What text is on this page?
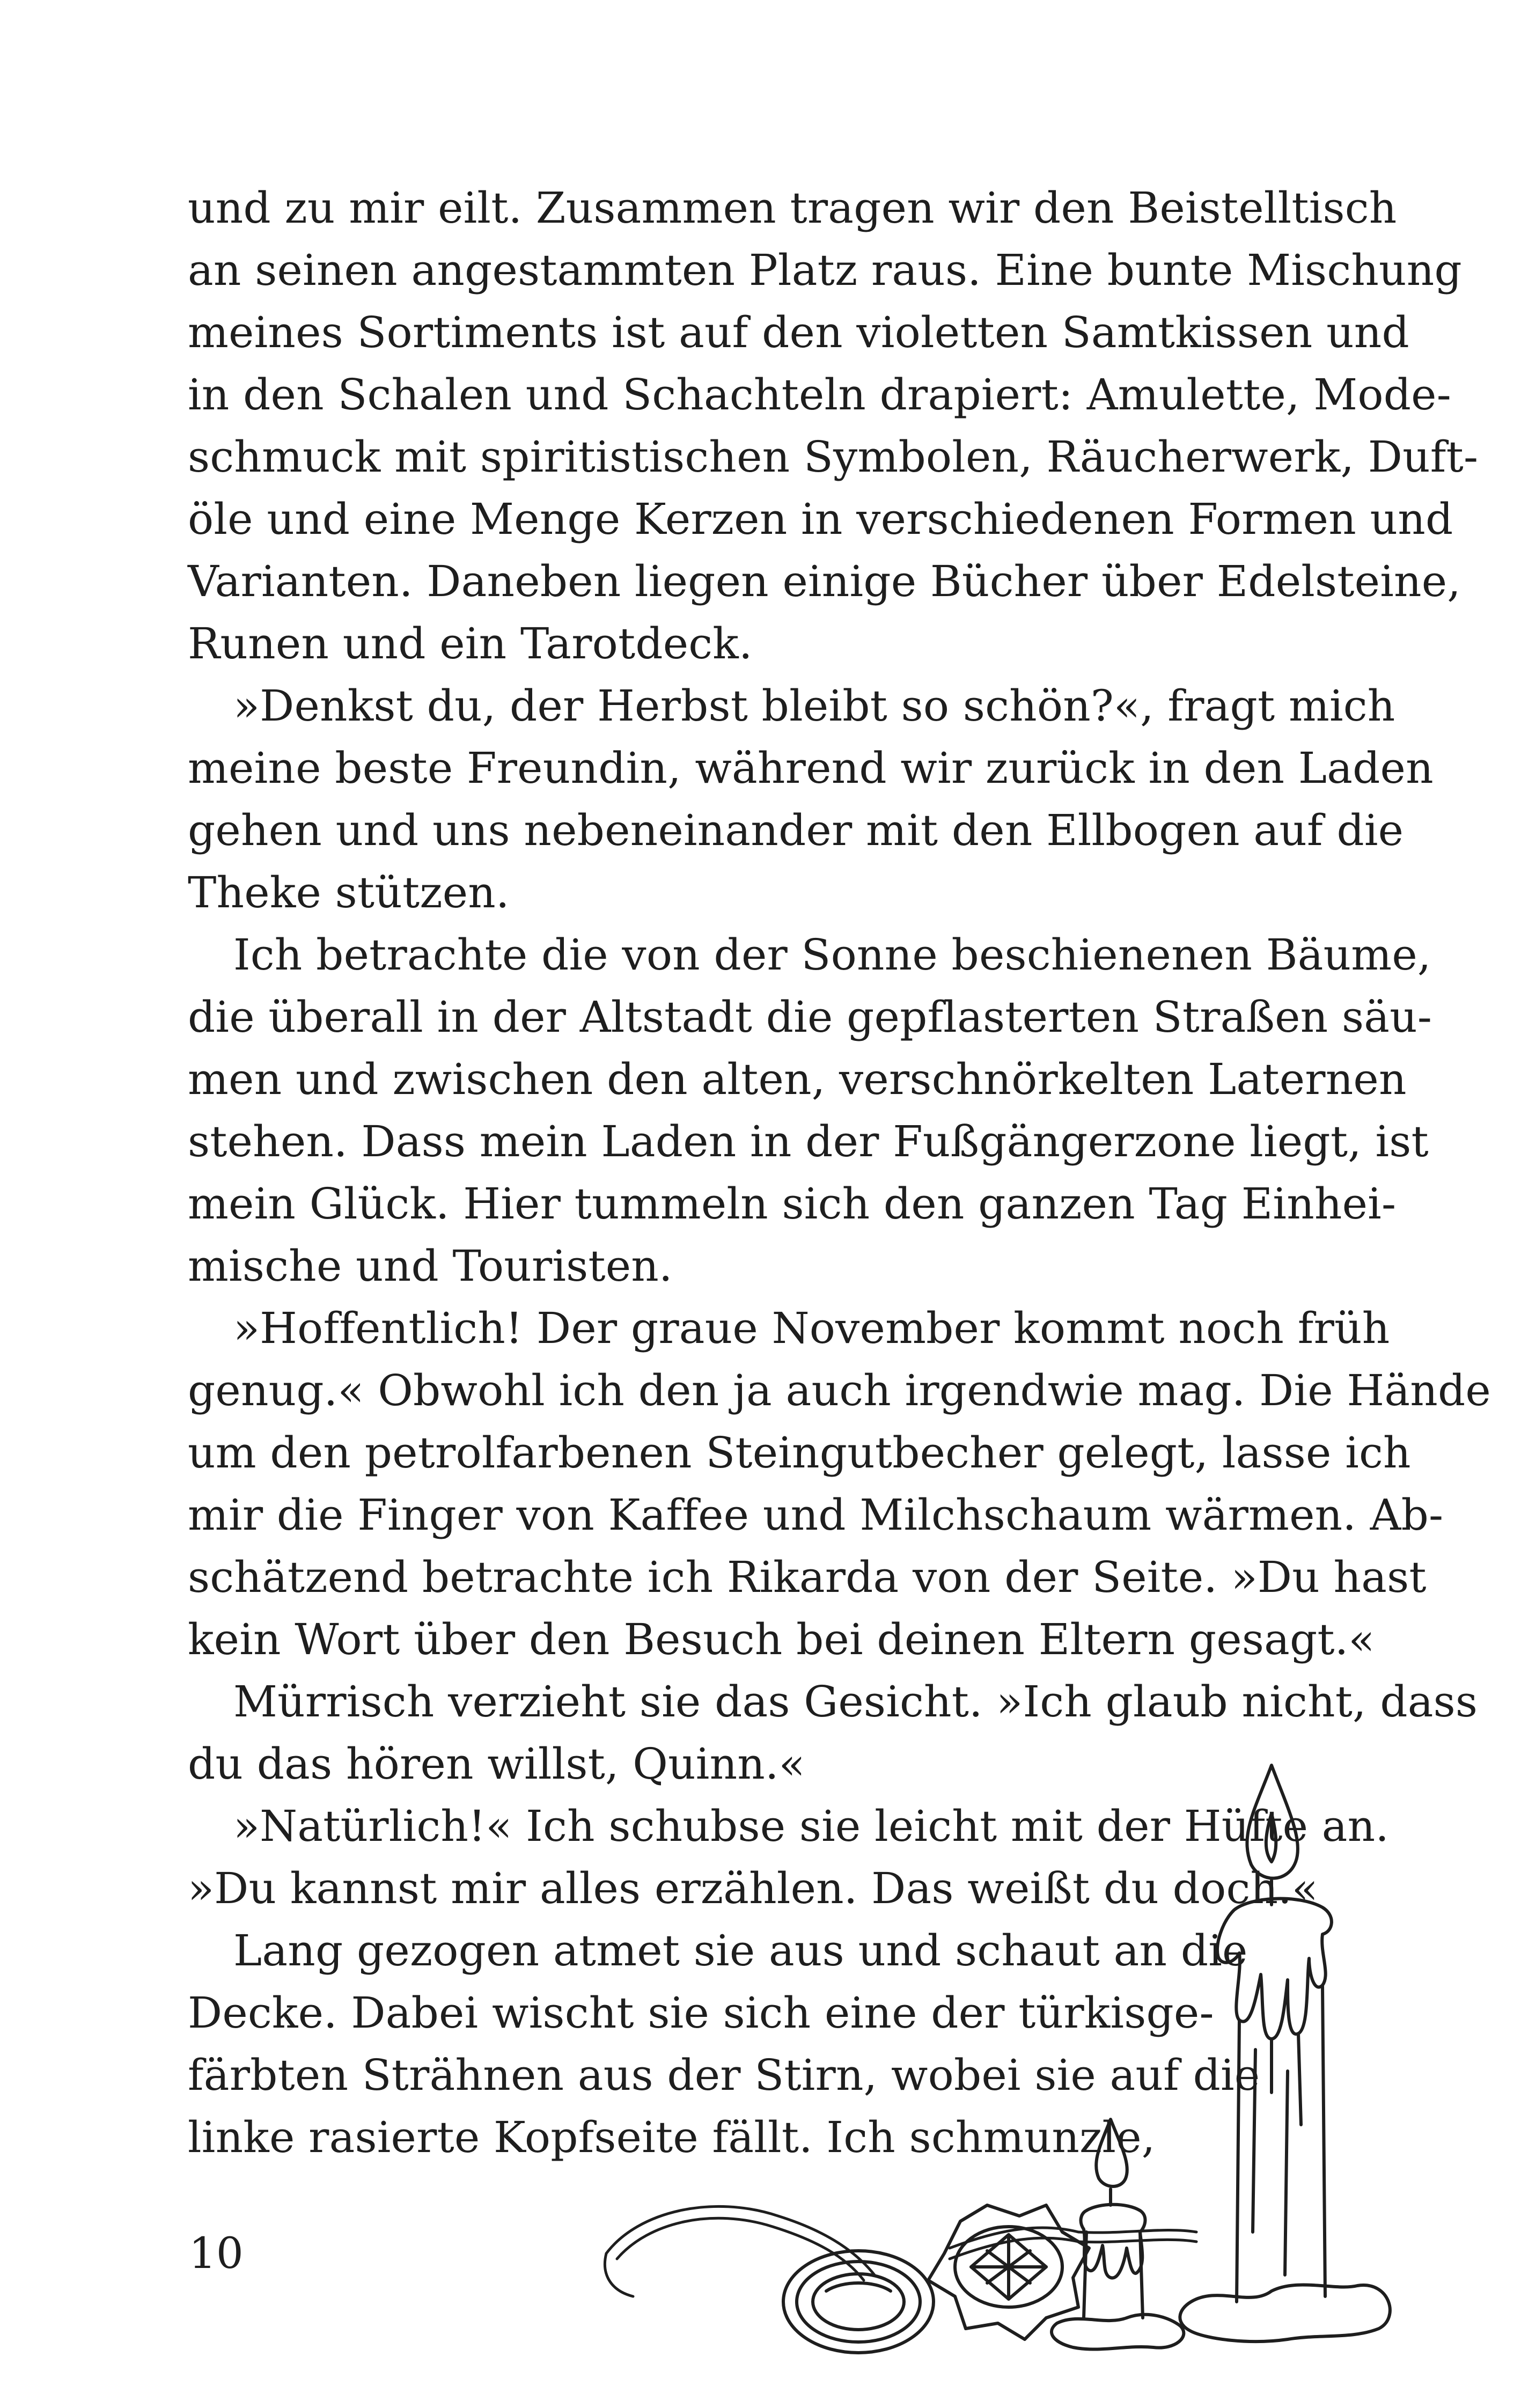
und zu mir eilt. Zusammen tragen wir den Beistelltisch
an seinen angestammten Platz raus. Eine bunte Mischung
meines Sortiments ist auf den violetten Samtkissen und
in den Schalen und Schachteln drapiert: Amulette, Mode-
schmuck mit spiritistischen Symbolen, Räucherwerk, Duft-
öle und eine Menge Kerzen in verschiedenen Formen und
Varianten. Daneben liegen einige Bücher über Edelsteine,
Runen und ein Tarotdeck.
»Denkst du, der Herbst bleibt so schön?«, fragt mich
meine beste Freundin, während wir zurück in den Laden
gehen und uns nebeneinander mit den Ellbogen auf die
Theke stützen.
Ich betrachte die von der Sonne beschienenen Bäume,
die überall in der Altstadt die gepflasterten Straßen säu-
men und zwischen den alten, verschnörkelten Laternen
stehen. Dass mein Laden in der Fußgängerzone liegt, ist
mein Glück. Hier tummeln sich den ganzen Tag Einhei-
mische und Touristen.
»Hoffentlich! Der graue November kommt noch früh
genug.« Obwohl ich den ja auch irgendwie mag. Die Hände
um den petrolfarbenen Steingutbecher gelegt, lasse ich
mir die Finger von Kaffee und Milchschaum wärmen. Ab-
schätzend betrachte ich Rikarda von der Seite. »Du hast
kein Wort über den Besuch bei deinen Eltern gesagt.«
Mürrisch verzieht sie das Gesicht. »Ich glaub nicht, dass
du das hören willst, Quinn.«
»Natürlich!« Ich schubse sie leicht mit der Hüfte an.
»Du kannst mir alles erzählen. Das weißt du doch.«
Lang gezogen atmet sie aus und schaut an die
Decke. Dabei wischt sie sich eine der türkisge-
färbten Strähnen aus der Stirn, wobei sie auf die
linke rasierte Kopfseite fällt. Ich schmunzle,
10
